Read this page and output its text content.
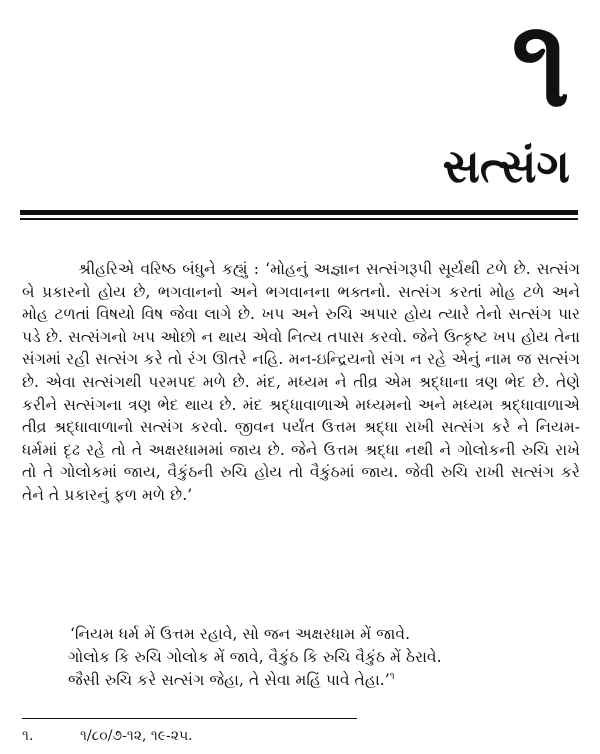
૧
સત્સંગ

શ્રીહરિએ વરિષ્ઠ બંધુને કહ્યું : ‘મોહનું અજ્ઞાન સત્સંગરૂપી સૂર્યથી ટળે છે. સત્સંગ બે પ્રકારનો હોય છે, ભગવાનનો અને ભગવાનના ભક્તનો. સત્સંગ કરતાં મોહ ટળે અને મોહ ટળતાં વિષયો વિષ જેવા લાગે છે. ખપ અને રુચિ અપાર હોય ત્યારે તેનો સત્સંગ પાર પડે છે. સત્સંગનો ખપ ઓછો ન થાય એવો નિત્ય તપાસ કરવો. જેને ઉત્કૃષ્ટ ખપ હોય તેના સંગમાં રહી સત્સંગ કરે તો રંગ ઊતરે નહિ. મન-ઇન્દ્રિયનો સંગ ન રહે એનું નામ જ સત્સંગ છે. એવા સત્સંગથી પરમપદ મળે છે. મંદ, મધ્યમ ને તીવ્ર એમ શ્રદ્ધાના ત્રણ ભેદ છે. તેણે કરીને સત્સંગના ત્રણ ભેદ થાય છે. મંદ શ્રદ્ધાવાળાએ મધ્યમનો અને મધ્યમ શ્રદ્ધાવાળાએ તીવ્ર શ્રદ્ધાવાળાનો સત્સંગ કરવો. જીવન પર્યંત ઉત્તમ શ્રદ્ધા રાખી સત્સંગ કરે ને નિયમ-ધર્મમાં દૃઢ રહે તો તે અક્ષરધામમાં જાય છે. જેને ઉત્તમ શ્રદ્ધા નથી ને ગોલોકની રુચિ રાખે તો તે ગોલોકમાં જાય, વૈકુંઠની રુચિ હોય તો વૈકુંઠમાં જાય. જેવી રુચિ રાખી સત્સંગ કરે તેને તે પ્રકારનું ફળ મળે છે.’

‘નિયમ ધર્મ મેં ઉત્તમ રહાવે, સો જન અક્ષરધામ મેં જાવે.

ગોલોક કિ રુચિ ગોલોક મેં જાવે, વૈકુંઠ કિ રુચિ વૈકુંઠ મેં ઠેરાવે.

જૈસી રુચિ કરે સત્સંગ જેહા, તે સેવા મહિં પાવે તેહા.’$^૧$

૧.	૧/૮૦/૭-૧૨, ૧૯-૨૫.
